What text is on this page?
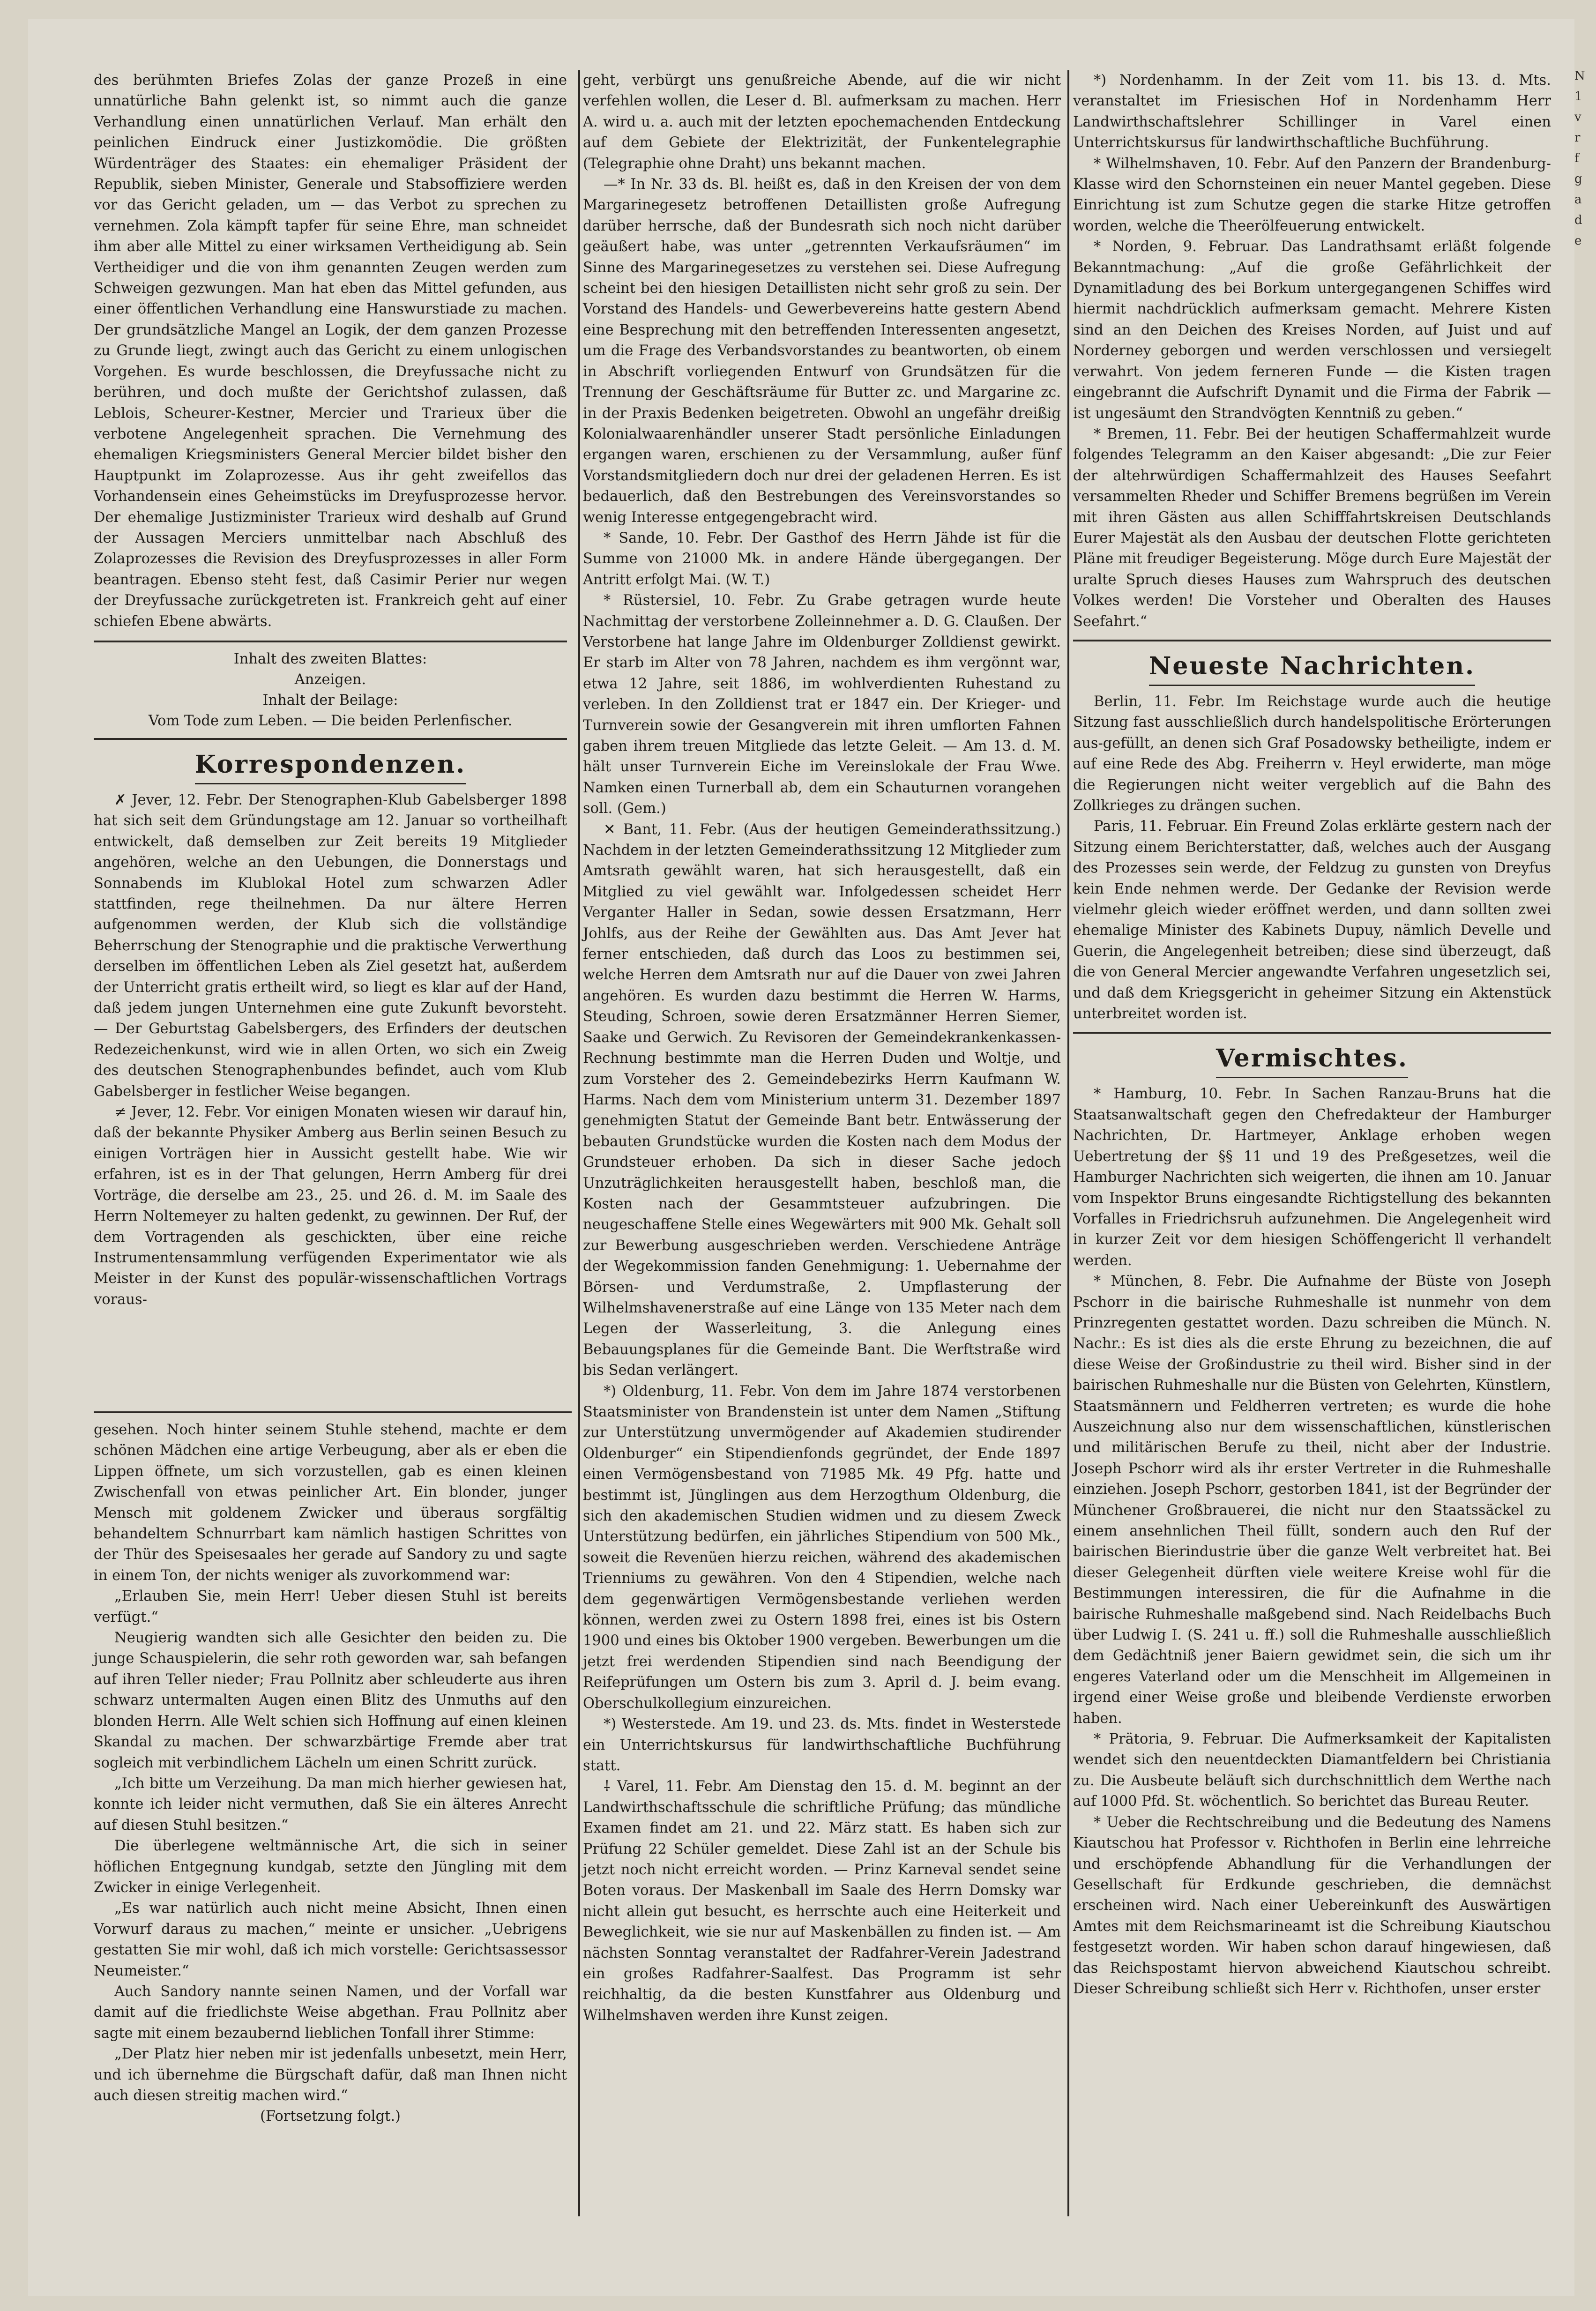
des berühmten Briefes Zolas der ganze Prozeß in eine unnatürliche Bahn gelenkt ist, so nimmt auch die ganze Verhandlung einen unnatürlichen Verlauf. Man erhält den peinlichen Eindruck einer Justizkomödie. Die größten Würdenträger des Staates: ein ehemaliger Präsident der Republik, sieben Minister, Generale und Stabsoffiziere werden vor das Gericht geladen, um — das Verbot zu sprechen zu vernehmen. Zola kämpft tapfer für seine Ehre, man schneidet ihm aber alle Mittel zu einer wirksamen Vertheidigung ab. Sein Vertheidiger und die von ihm genannten Zeugen werden zum Schweigen gezwungen. Man hat eben das Mittel gefunden, aus einer öffentlichen Verhandlung eine Hanswurstiade zu machen. Der grundsätzliche Mangel an Logik, der dem ganzen Prozesse zu Grunde liegt, zwingt auch das Gericht zu einem unlogischen Vorgehen. Es wurde beschlossen, die Dreyfussache nicht zu berühren, und doch mußte der Gerichtshof zulassen, daß Leblois, Scheurer-Kestner, Mercier und Trarieux über die verbotene Angelegenheit sprachen. Die Vernehmung des ehemaligen Kriegsministers General Mercier bildet bisher den Hauptpunkt im Zolaprozesse. Aus ihr geht zweifellos das Vorhandensein eines Geheimstücks im Dreyfusprozesse hervor. Der ehemalige Justizminister Trarieux wird deshalb auf Grund der Aussagen Merciers unmittelbar nach Abschluß des Zolaprozesses die Revision des Dreyfusprozesses in aller Form beantragen. Ebenso steht fest, daß Casimir Perier nur wegen der Dreyfussache zurückgetreten ist. Frankreich geht auf einer schiefen Ebene abwärts.

Inhalt des zweiten Blattes:
Anzeigen.
Inhalt der Beilage:
Vom Tode zum Leben. — Die beiden Perlenfischer.
Korrespondenzen.

✗ Jever, 12. Febr. Der Stenographen-Klub Gabelsberger 1898 hat sich seit dem Gründungstage am 12. Januar so vortheilhaft entwickelt, daß demselben zur Zeit bereits 19 Mitglieder angehören, welche an den Uebungen, die Donnerstags und Sonnabends im Klublokal Hotel zum schwarzen Adler stattfinden, rege theilnehmen. Da nur ältere Herren aufgenommen werden, der Klub sich die vollständige Beherrschung der Stenographie und die praktische Verwerthung derselben im öffentlichen Leben als Ziel gesetzt hat, außerdem der Unterricht gratis ertheilt wird, so liegt es klar auf der Hand, daß jedem jungen Unternehmen eine gute Zukunft bevorsteht. — Der Geburtstag Gabelsbergers, des Erfinders der deutschen Redezeichenkunst, wird wie in allen Orten, wo sich ein Zweig des deutschen Stenographenbundes befindet, auch vom Klub Gabelsberger in festlicher Weise begangen.

≠ Jever, 12. Febr. Vor einigen Monaten wiesen wir darauf hin, daß der bekannte Physiker Amberg aus Berlin seinen Besuch zu einigen Vorträgen hier in Aussicht gestellt habe. Wie wir erfahren, ist es in der That gelungen, Herrn Amberg für drei Vorträge, die derselbe am 23., 25. und 26. d. M. im Saale des Herrn Noltemeyer zu halten gedenkt, zu gewinnen. Der Ruf, der dem Vortragenden als geschickten, über eine reiche Instrumentensammlung verfügenden Experimentator wie als Meister in der Kunst des populär-wissenschaftlichen Vortrags voraus-

gesehen. Noch hinter seinem Stuhle stehend, machte er dem schönen Mädchen eine artige Verbeugung, aber als er eben die Lippen öffnete, um sich vorzustellen, gab es einen kleinen Zwischenfall von etwas peinlicher Art. Ein blonder, junger Mensch mit goldenem Zwicker und überaus sorgfältig behandeltem Schnurrbart kam nämlich hastigen Schrittes von der Thür des Speisesaales her gerade auf Sandory zu und sagte in einem Ton, der nichts weniger als zuvorkommend war:

„Erlauben Sie, mein Herr! Ueber diesen Stuhl ist bereits verfügt.“

Neugierig wandten sich alle Gesichter den beiden zu. Die junge Schauspielerin, die sehr roth geworden war, sah befangen auf ihren Teller nieder; Frau Pollnitz aber schleuderte aus ihren schwarz untermalten Augen einen Blitz des Unmuths auf den blonden Herrn. Alle Welt schien sich Hoffnung auf einen kleinen Skandal zu machen. Der schwarzbärtige Fremde aber trat sogleich mit verbindlichem Lächeln um einen Schritt zurück.

„Ich bitte um Verzeihung. Da man mich hierher gewiesen hat, konnte ich leider nicht vermuthen, daß Sie ein älteres Anrecht auf diesen Stuhl besitzen.“

Die überlegene weltmännische Art, die sich in seiner höflichen Entgegnung kundgab, setzte den Jüngling mit dem Zwicker in einige Verlegenheit.

„Es war natürlich auch nicht meine Absicht, Ihnen einen Vorwurf daraus zu machen,“ meinte er unsicher. „Uebrigens gestatten Sie mir wohl, daß ich mich vorstelle: Gerichtsassessor Neumeister.“

Auch Sandory nannte seinen Namen, und der Vorfall war damit auf die friedlichste Weise abgethan. Frau Pollnitz aber sagte mit einem bezaubernd lieblichen Tonfall ihrer Stimme:

„Der Platz hier neben mir ist jedenfalls unbesetzt, mein Herr, und ich übernehme die Bürgschaft dafür, daß man Ihnen nicht auch diesen streitig machen wird.“

(Fortsetzung folgt.)

geht, verbürgt uns genußreiche Abende, auf die wir nicht verfehlen wollen, die Leser d. Bl. aufmerksam zu machen. Herr A. wird u. a. auch mit der letzten epochemachenden Entdeckung auf dem Gebiete der Elektrizität, der Funkentelegraphie (Telegraphie ohne Draht) uns bekannt machen.

—* In Nr. 33 ds. Bl. heißt es, daß in den Kreisen der von dem Margarinegesetz betroffenen Detaillisten große Aufregung darüber herrsche, daß der Bundesrath sich noch nicht darüber geäußert habe, was unter „getrennten Verkaufsräumen“ im Sinne des Margarinegesetzes zu verstehen sei. Diese Aufregung scheint bei den hiesigen Detaillisten nicht sehr groß zu sein. Der Vorstand des Handels- und Gewerbevereins hatte gestern Abend eine Besprechung mit den betreffenden Interessenten angesetzt, um die Frage des Verbandsvorstandes zu beantworten, ob einem in Abschrift vorliegenden Entwurf von Grundsätzen für die Trennung der Geschäftsräume für Butter zc. und Margarine zc. in der Praxis Bedenken beigetreten. Obwohl an ungefähr dreißig Kolonialwaarenhändler unserer Stadt persönliche Einladungen ergangen waren, erschienen zu der Versammlung, außer fünf Vorstandsmitgliedern doch nur drei der geladenen Herren. Es ist bedauerlich, daß den Bestrebungen des Vereinsvorstandes so wenig Interesse entgegengebracht wird.

* Sande, 10. Febr. Der Gasthof des Herrn Jähde ist für die Summe von 21000 Mk. in andere Hände übergegangen. Der Antritt erfolgt Mai. (W. T.)

* Rüstersiel, 10. Febr. Zu Grabe getragen wurde heute Nachmittag der verstorbene Zolleinnehmer a. D. G. Claußen. Der Verstorbene hat lange Jahre im Oldenburger Zolldienst gewirkt. Er starb im Alter von 78 Jahren, nachdem es ihm vergönnt war, etwa 12 Jahre, seit 1886, im wohlverdienten Ruhestand zu verleben. In den Zolldienst trat er 1847 ein. Der Krieger- und Turnverein sowie der Gesangverein mit ihren umflorten Fahnen gaben ihrem treuen Mitgliede das letzte Geleit. — Am 13. d. M. hält unser Turnverein Eiche im Vereinslokale der Frau Wwe. Namken einen Turnerball ab, dem ein Schauturnen vorangehen soll. (Gem.)

✕ Bant, 11. Febr. (Aus der heutigen Gemeinderathssitzung.) Nachdem in der letzten Gemeinderathssitzung 12 Mitglieder zum Amtsrath gewählt waren, hat sich herausgestellt, daß ein Mitglied zu viel gewählt war. Infolgedessen scheidet Herr Verganter Haller in Sedan, sowie dessen Ersatzmann, Herr Johlfs, aus der Reihe der Gewählten aus. Das Amt Jever hat ferner entschieden, daß durch das Loos zu bestimmen sei, welche Herren dem Amtsrath nur auf die Dauer von zwei Jahren angehören. Es wurden dazu bestimmt die Herren W. Harms, Steuding, Schroen, sowie deren Ersatzmänner Herren Siemer, Saake und Gerwich. Zu Revisoren der Gemeindekrankenkassen-Rechnung bestimmte man die Herren Duden und Woltje, und zum Vorsteher des 2. Gemeindebezirks Herrn Kaufmann W. Harms. Nach dem vom Ministerium unterm 31. Dezember 1897 genehmigten Statut der Gemeinde Bant betr. Entwässerung der bebauten Grundstücke wurden die Kosten nach dem Modus der Grundsteuer erhoben. Da sich in dieser Sache jedoch Unzuträglichkeiten herausgestellt haben, beschloß man, die Kosten nach der Gesammtsteuer aufzubringen. Die neugeschaffene Stelle eines Wegewärters mit 900 Mk. Gehalt soll zur Bewerbung ausgeschrieben werden. Verschiedene Anträge der Wegekommission fanden Genehmigung: 1. Uebernahme der Börsen- und Verdumstraße, 2. Umpflasterung der Wilhelmshavenerstraße auf eine Länge von 135 Meter nach dem Legen der Wasserleitung, 3. die Anlegung eines Bebauungsplanes für die Gemeinde Bant. Die Werftstraße wird bis Sedan verlängert.

*) Oldenburg, 11. Febr. Von dem im Jahre 1874 verstorbenen Staatsminister von Brandenstein ist unter dem Namen „Stiftung zur Unterstützung unvermögender auf Akademien studirender Oldenburger“ ein Stipendienfonds gegründet, der Ende 1897 einen Vermögensbestand von 71985 Mk. 49 Pfg. hatte und bestimmt ist, Jünglingen aus dem Herzogthum Oldenburg, die sich den akademischen Studien widmen und zu diesem Zweck Unterstützung bedürfen, ein jährliches Stipendium von 500 Mk., soweit die Revenüen hierzu reichen, während des akademischen Trienniums zu gewähren. Von den 4 Stipendien, welche nach dem gegenwärtigen Vermögensbestande verliehen werden können, werden zwei zu Ostern 1898 frei, eines ist bis Ostern 1900 und eines bis Oktober 1900 vergeben. Bewerbungen um die jetzt frei werdenden Stipendien sind nach Beendigung der Reifeprüfungen um Ostern bis zum 3. April d. J. beim evang. Oberschulkollegium einzureichen.

*) Westerstede. Am 19. und 23. ds. Mts. findet in Westerstede ein Unterrichtskursus für landwirthschaftliche Buchführung statt.

⸸ Varel, 11. Febr. Am Dienstag den 15. d. M. beginnt an der Landwirthschaftsschule die schriftliche Prüfung; das mündliche Examen findet am 21. und 22. März statt. Es haben sich zur Prüfung 22 Schüler gemeldet. Diese Zahl ist an der Schule bis jetzt noch nicht erreicht worden. — Prinz Karneval sendet seine Boten voraus. Der Maskenball im Saale des Herrn Domsky war nicht allein gut besucht, es herrschte auch eine Heiterkeit und Beweglichkeit, wie sie nur auf Maskenbällen zu finden ist. — Am nächsten Sonntag veranstaltet der Radfahrer-Verein Jadestrand ein großes Radfahrer-Saalfest. Das Programm ist sehr reichhaltig, da die besten Kunstfahrer aus Oldenburg und Wilhelmshaven werden ihre Kunst zeigen.

*) Nordenhamm. In der Zeit vom 11. bis 13. d. Mts. veranstaltet im Friesischen Hof in Nordenhamm Herr Landwirthschaftslehrer Schillinger in Varel einen Unterrichtskursus für landwirthschaftliche Buchführung.

* Wilhelmshaven, 10. Febr. Auf den Panzern der Brandenburg-Klasse wird den Schornsteinen ein neuer Mantel gegeben. Diese Einrichtung ist zum Schutze gegen die starke Hitze getroffen worden, welche die Theerölfeuerung entwickelt.

* Norden, 9. Februar. Das Landrathsamt erläßt folgende Bekanntmachung: „Auf die große Gefährlichkeit der Dynamitladung des bei Borkum untergegangenen Schiffes wird hiermit nachdrücklich aufmerksam gemacht. Mehrere Kisten sind an den Deichen des Kreises Norden, auf Juist und auf Norderney geborgen und werden verschlossen und versiegelt verwahrt. Von jedem ferneren Funde — die Kisten tragen eingebrannt die Aufschrift Dynamit und die Firma der Fabrik — ist ungesäumt den Strandvögten Kenntniß zu geben.“

* Bremen, 11. Febr. Bei der heutigen Schaffermahlzeit wurde folgendes Telegramm an den Kaiser abgesandt: „Die zur Feier der altehrwürdigen Schaffermahlzeit des Hauses Seefahrt versammelten Rheder und Schiffer Bremens begrüßen im Verein mit ihren Gästen aus allen Schifffahrtskreisen Deutschlands Eurer Majestät als den Ausbau der deutschen Flotte gerichteten Pläne mit freudiger Begeisterung. Möge durch Eure Majestät der uralte Spruch dieses Hauses zum Wahrspruch des deutschen Volkes werden! Die Vorsteher und Oberalten des Hauses Seefahrt.“

Neueste Nachrichten.

Berlin, 11. Febr. Im Reichstage wurde auch die heutige Sitzung fast ausschließlich durch handelspolitische Erörterungen aus-gefüllt, an denen sich Graf Posadowsky betheiligte, indem er auf eine Rede des Abg. Freiherrn v. Heyl erwiderte, man möge die Regierungen nicht weiter vergeblich auf die Bahn des Zollkrieges zu drängen suchen.

Paris, 11. Februar. Ein Freund Zolas erklärte gestern nach der Sitzung einem Berichterstatter, daß, welches auch der Ausgang des Prozesses sein werde, der Feldzug zu gunsten von Dreyfus kein Ende nehmen werde. Der Gedanke der Revision werde vielmehr gleich wieder eröffnet werden, und dann sollten zwei ehemalige Minister des Kabinets Dupuy, nämlich Develle und Guerin, die Angelegenheit betreiben; diese sind überzeugt, daß die von General Mercier angewandte Verfahren ungesetzlich sei, und daß dem Kriegsgericht in geheimer Sitzung ein Aktenstück unterbreitet worden ist.

Vermischtes.

* Hamburg, 10. Febr. In Sachen Ranzau-Bruns hat die Staatsanwaltschaft gegen den Chefredakteur der Hamburger Nachrichten, Dr. Hartmeyer, Anklage erhoben wegen Uebertretung der §§ 11 und 19 des Preßgesetzes, weil die Hamburger Nachrichten sich weigerten, die ihnen am 10. Januar vom Inspektor Bruns eingesandte Richtigstellung des bekannten Vorfalles in Friedrichsruh aufzunehmen. Die Angelegenheit wird in kurzer Zeit vor dem hiesigen Schöffengericht ll verhandelt werden.

* München, 8. Febr. Die Aufnahme der Büste von Joseph Pschorr in die bairische Ruhmeshalle ist nunmehr von dem Prinzregenten gestattet worden. Dazu schreiben die Münch. N. Nachr.: Es ist dies als die erste Ehrung zu bezeichnen, die auf diese Weise der Großindustrie zu theil wird. Bisher sind in der bairischen Ruhmeshalle nur die Büsten von Gelehrten, Künstlern, Staatsmännern und Feldherren vertreten; es wurde die hohe Auszeichnung also nur dem wissenschaftlichen, künstlerischen und militärischen Berufe zu theil, nicht aber der Industrie. Joseph Pschorr wird als ihr erster Vertreter in die Ruhmeshalle einziehen. Joseph Pschorr, gestorben 1841, ist der Begründer der Münchener Großbrauerei, die nicht nur den Staatssäckel zu einem ansehnlichen Theil füllt, sondern auch den Ruf der bairischen Bierindustrie über die ganze Welt verbreitet hat. Bei dieser Gelegenheit dürften viele weitere Kreise wohl für die Bestimmungen interessiren, die für die Aufnahme in die bairische Ruhmeshalle maßgebend sind. Nach Reidelbachs Buch über Ludwig I. (S. 241 u. ff.) soll die Ruhmeshalle ausschließlich dem Gedächtniß jener Baiern gewidmet sein, die sich um ihr engeres Vaterland oder um die Menschheit im Allgemeinen in irgend einer Weise große und bleibende Verdienste erworben haben.

* Prätoria, 9. Februar. Die Aufmerksamkeit der Kapitalisten wendet sich den neuentdeckten Diamantfeldern bei Christiania zu. Die Ausbeute beläuft sich durchschnittlich dem Werthe nach auf 1000 Pfd. St. wöchentlich. So berichtet das Bureau Reuter.

* Ueber die Rechtschreibung und die Bedeutung des Namens Kiautschou hat Professor v. Richthofen in Berlin eine lehrreiche und erschöpfende Abhandlung für die Verhandlungen der Gesellschaft für Erdkunde geschrieben, die demnächst erscheinen wird. Nach einer Uebereinkunft des Auswärtigen Amtes mit dem Reichsmarineamt ist die Schreibung Kiautschou festgesetzt worden. Wir haben schon darauf hingewiesen, daß das Reichspostamt hiervon abweichend Kiautschou schreibt. Dieser Schreibung schließt sich Herr v. Richthofen, unser erster

N
1
v
r
f
g
a
d
e
